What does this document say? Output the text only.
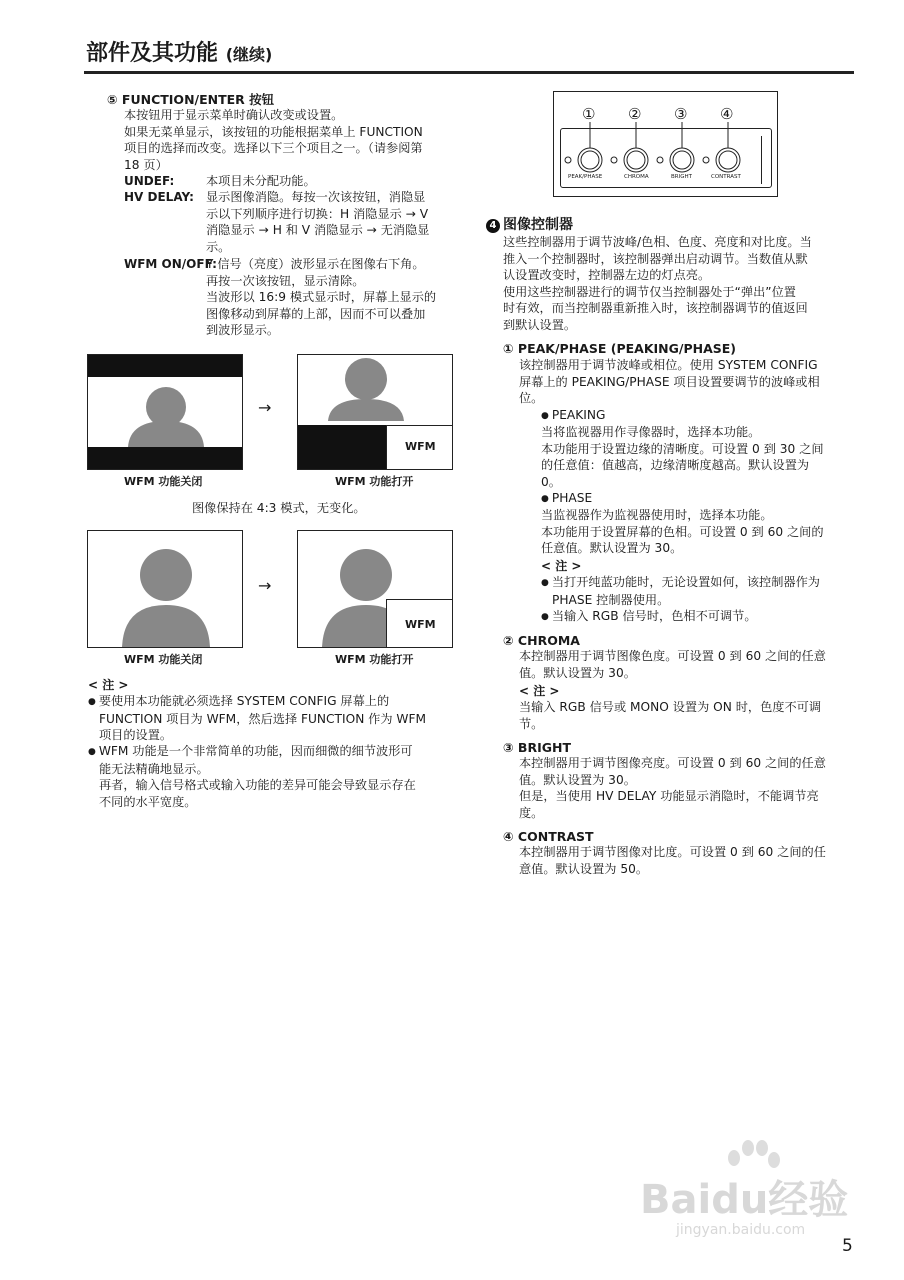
部件及其功能 (继续)
⑤ FUNCTION/ENTER 按钮
本按钮用于显示菜单时确认改变或设置。
如果无菜单显示，该按钮的功能根据菜单上 FUNCTION
项目的选择而改变。选择以下三个项目之一。（请参阅第
18 页）
UNDEF:	本项目未分配功能。
HV DELAY: 显示图像消隐。每按一次该按钮，消隐显
示以下列顺序进行切换：H 消隐显示 → V
消隐显示 → H 和 V 消隐显示 → 无消隐显
示。
WFM ON/OFF:
Y 信号（亮度）波形显示在图像右下角。
再按一次该按钮，显示清除。
当波形以 16:9 模式显示时，屏幕上显示的
图像移动到屏幕的上部，因而不可以叠加
到波形显示。
→
WFM
WFM 功能关闭	WFM 功能打开
图像保持在 4:3 模式，无变化。
→
WFM
WFM 功能关闭	WFM 功能打开
< 注 >
● 要使用本功能就必须选择 SYSTEM CONFIG 屏幕上的
FUNCTION 项目为 WFM，然后选择 FUNCTION 作为 WFM
项目的设置。
● WFM 功能是一个非常简单的功能，因而细微的细节波形可
能无法精确地显示。
再者，输入信号格式或输入功能的差异可能会导致显示存在
不同的水平宽度。
① ② ③ ④
PEAK/PHASE	CHROMA	BRIGHT	CONTRAST
4 图像控制器
这些控制器用于调节波峰/色相、色度、亮度和对比度。当
推入一个控制器时，该控制器弹出启动调节。当数值从默
认设置改变时，控制器左边的灯点亮。
使用这些控制器进行的调节仅当控制器处于“弹出”位置
时有效，而当控制器重新推入时，该控制器调节的值返回
到默认设置。
① PEAK/PHASE (PEAKING/PHASE)
该控制器用于调节波峰或相位。使用 SYSTEM CONFIG
屏幕上的 PEAKING/PHASE 项目设置要调节的波峰或相
位。
● PEAKING
当将监视器用作寻像器时，选择本功能。
本功能用于设置边缘的清晰度。可设置 0 到 30 之间
的任意值：值越高，边缘清晰度越高。默认设置为
0。
● PHASE
当监视器作为监视器使用时，选择本功能。
本功能用于设置屏幕的色相。可设置 0 到 60 之间的
任意值。默认设置为 30。
< 注 >
● 当打开纯蓝功能时，无论设置如何，该控制器作为
PHASE 控制器使用。
● 当输入 RGB 信号时，色相不可调节。
② CHROMA
本控制器用于调节图像色度。可设置 0 到 60 之间的任意
值。默认设置为 30。
< 注 >
当输入 RGB 信号或 MONO 设置为 ON 时，色度不可调
节。
③ BRIGHT
本控制器用于调节图像亮度。可设置 0 到 60 之间的任意
值。默认设置为 30。
但是，当使用 HV DELAY 功能显示消隐时，不能调节亮
度。
④ CONTRAST
本控制器用于调节图像对比度。可设置 0 到 60 之间的任
意值。默认设置为 50。
Baidu经验
jingyan.baidu.com
5
